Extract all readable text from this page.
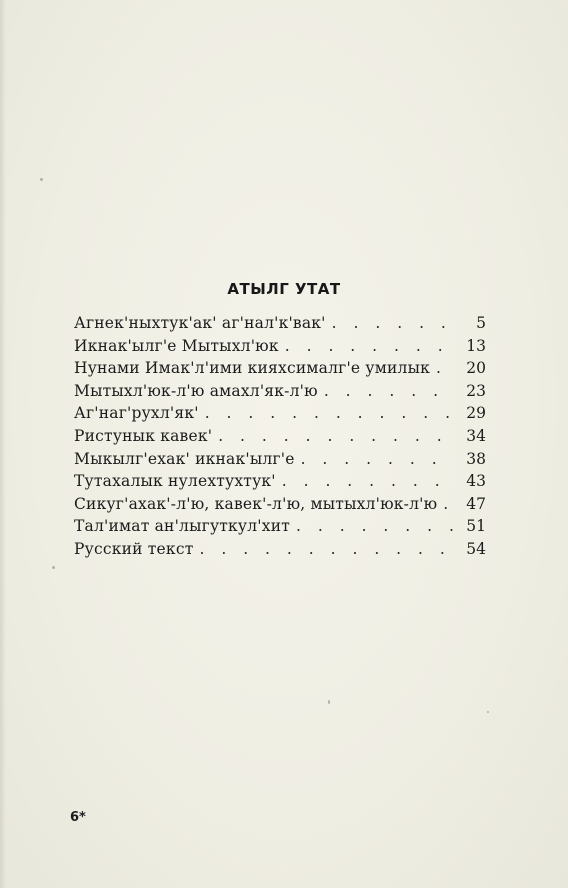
АТЫЛГ УТАТ
Агнек'ныхтук'ак' аг'нал'к'вак' . . .	5
Икнак'ылг'е Мытыхл'юк . . .	13
Нунами Имак'л'ими кияхсималг'е умилык . . .	20
Мытыхл'юк-л'ю амахл'як-л'ю . . .	23
Аг'наг'рухл'як' . . .	29
Ристунык кавек' . . .	34
Мыкылг'ехак' икнак'ылг'е . . .	38
Тутахалык нулехтухтук' . . .	43
Сикуг'ахак'-л'ю, кавек'-л'ю, мытыхл'юк-л'ю . . .	47
Тал'имат ан'лыгуткул'хит . . .	51
Русский текст . . .	54
6*
